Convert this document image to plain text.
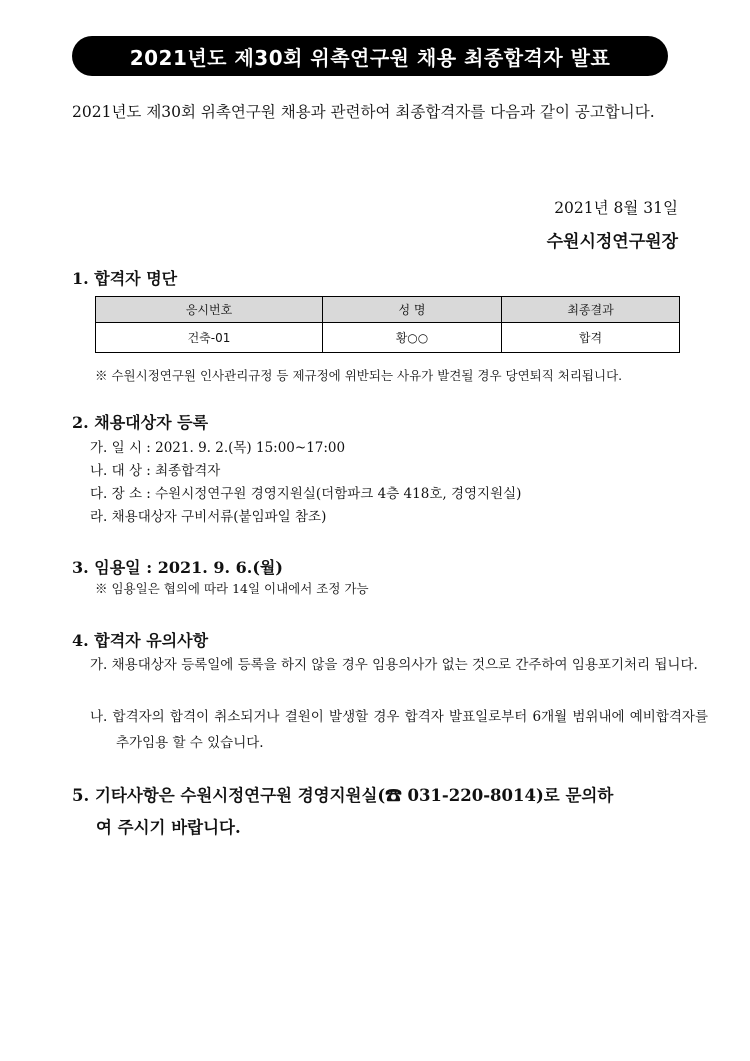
2021년도 제30회 위촉연구원 채용 최종합격자 발표
2021년도 제30회 위촉연구원 채용과 관련하여 최종합격자를 다음과 같이 공고합니다.
2021년 8월 31일
수원시정연구원장
1. 합격자 명단
응시번호	성 명	최종결과
건축-01	황○○	합격
※ 수원시정연구원 인사관리규정 등 제규정에 위반되는 사유가 발견될 경우 당연퇴직 처리됩니다.
2. 채용대상자 등록
가. 일 시 : 2021. 9. 2.(목) 15:00~17:00
나. 대 상 : 최종합격자
다. 장 소 : 수원시정연구원 경영지원실(더함파크 4층 418호, 경영지원실)
라. 채용대상자 구비서류(붙임파일 참조)
3. 임용일 : 2021. 9. 6.(월)
※ 임용일은 협의에 따라 14일 이내에서 조정 가능
4. 합격자 유의사항
가. 채용대상자 등록일에 등록을 하지 않을 경우 임용의사가 없는 것으로 간주하여 임용포기처리 됩니다.
나. 합격자의 합격이 취소되거나 결원이 발생할 경우 합격자 발표일로부터 6개월 범위내에 예비합격자를 추가임용 할 수 있습니다.
5. 기타사항은 수원시정연구원 경영지원실(☎ 031-220-8014)로 문의하
여 주시기 바랍니다.
